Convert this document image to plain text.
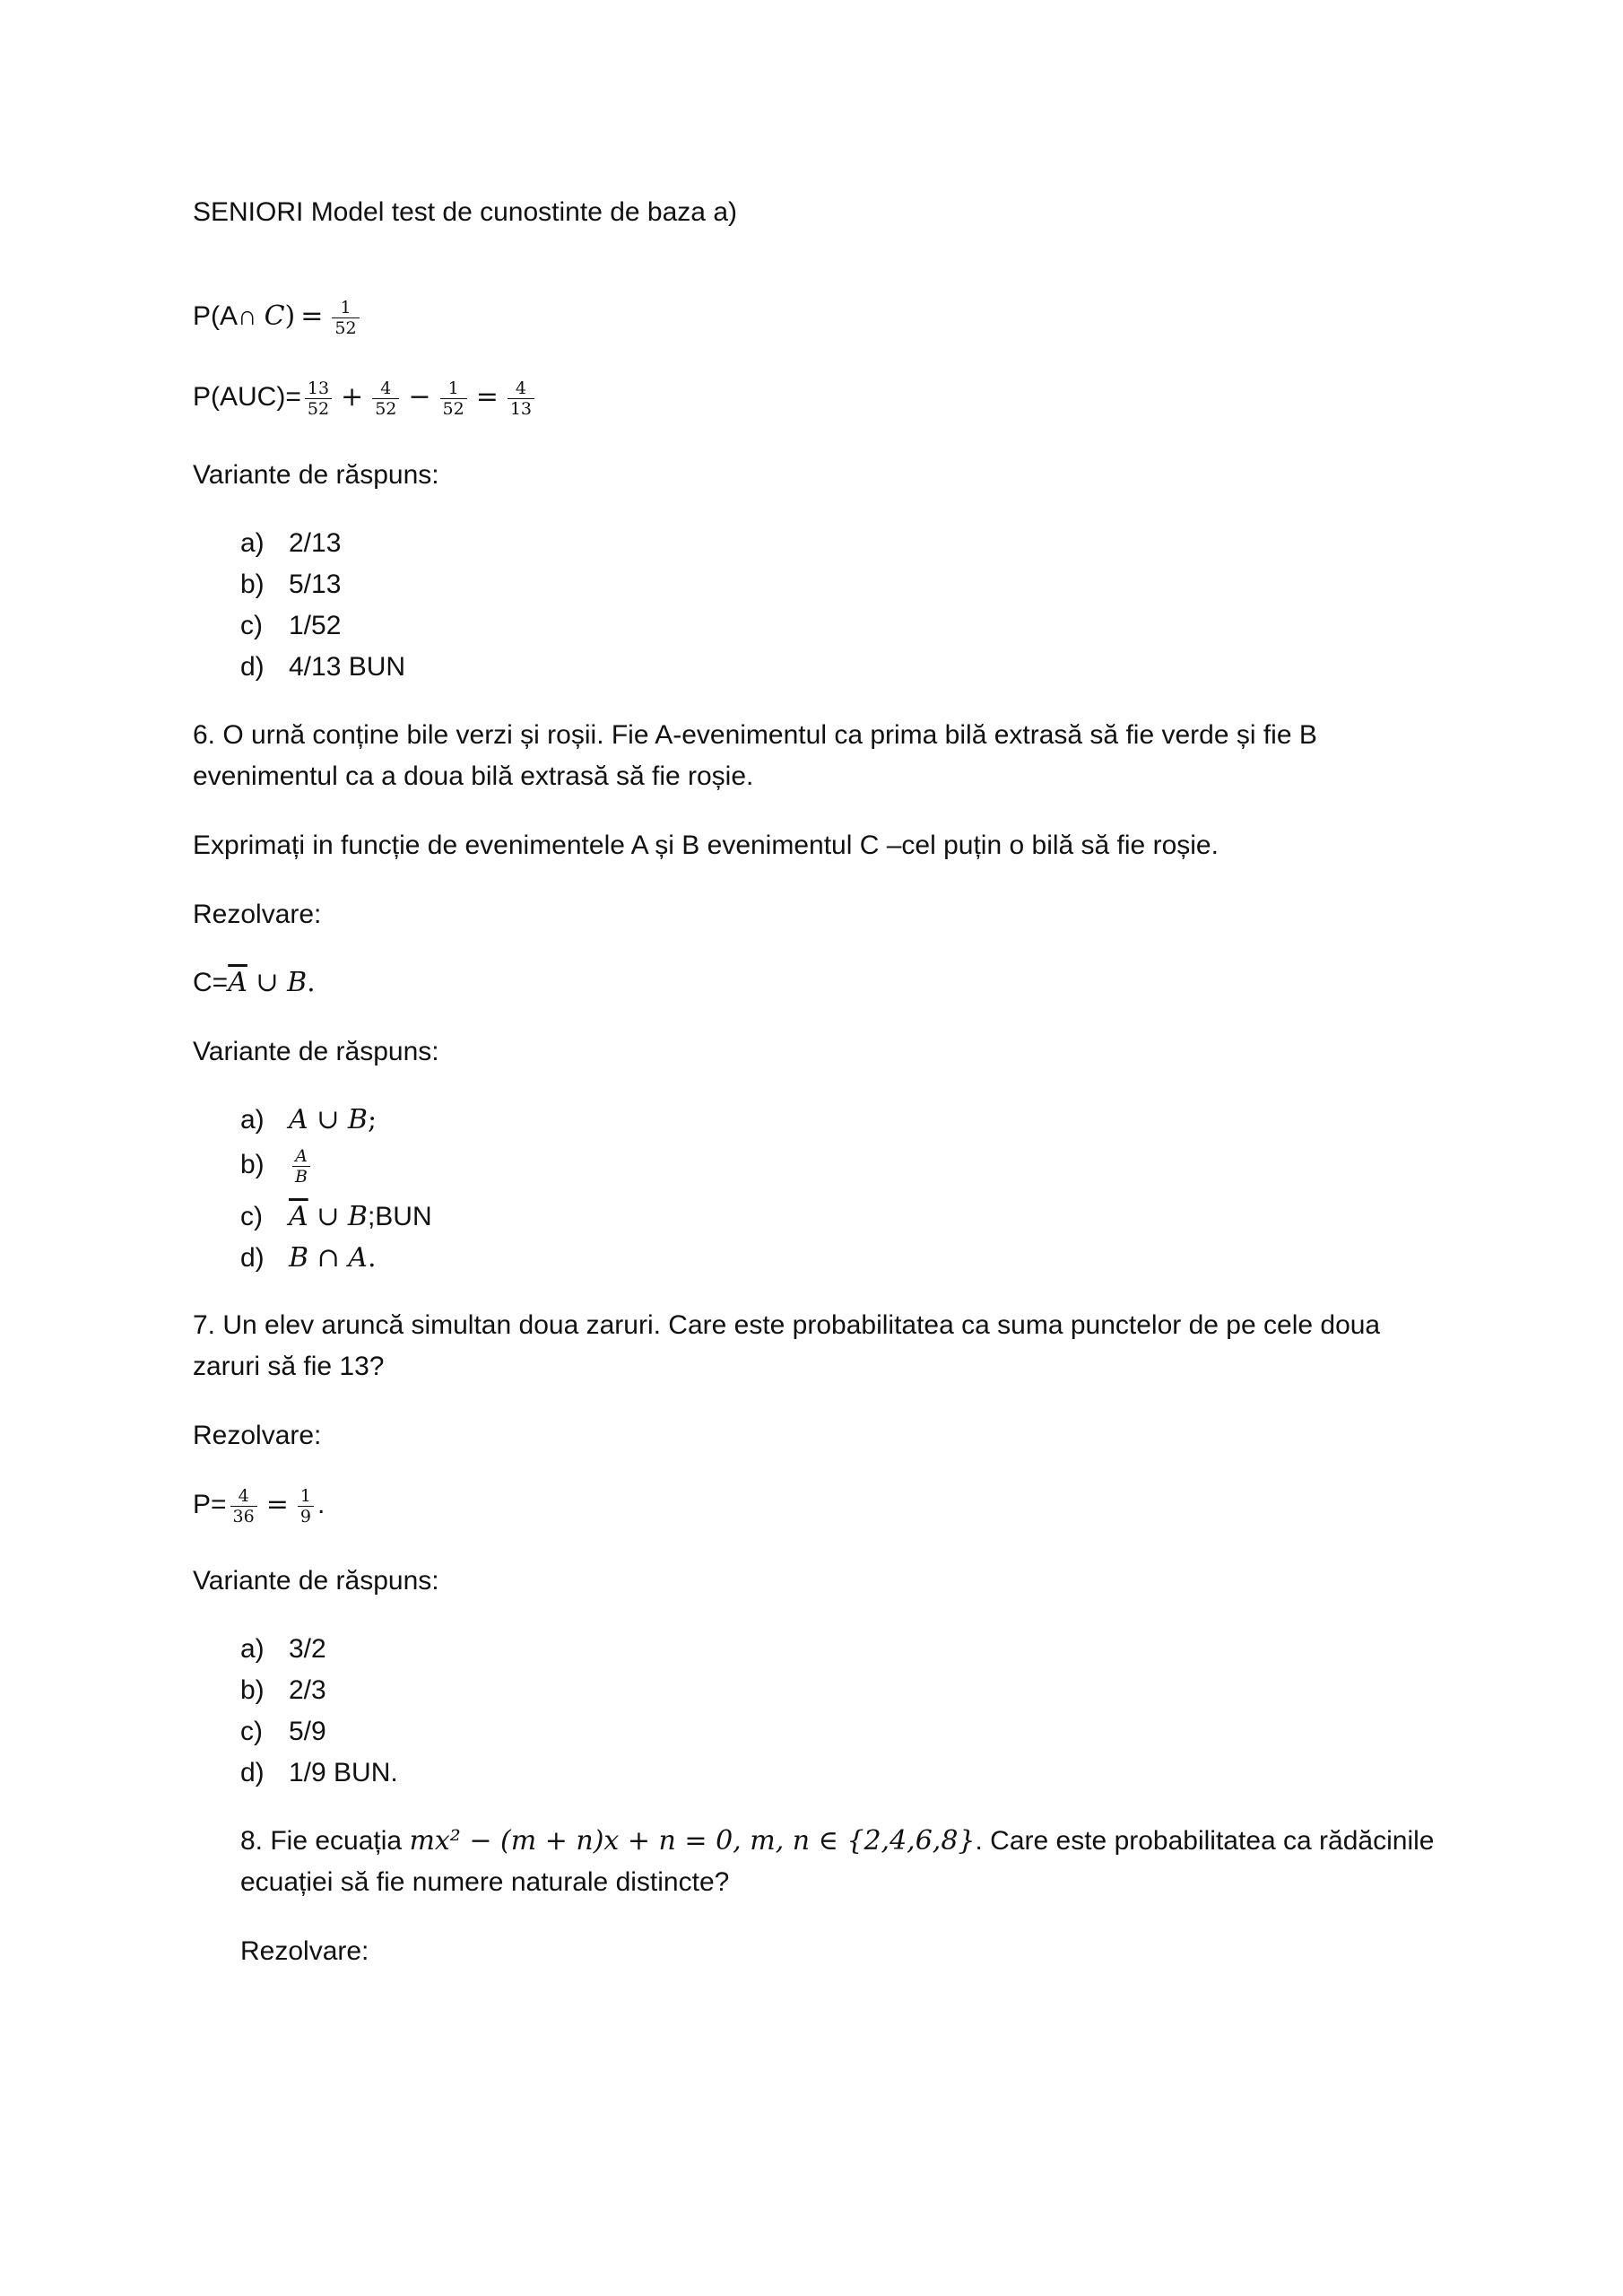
SENIORI Model test de cunostinte de baza a)
P(A∩ $C) = \frac{1}{52}$
$P(AUC)= \frac{13}{52} + \frac{4}{52} - \frac{1}{52} = \frac{4}{13}$
Variante de răspuns:
a) 2/13
b) 5/13
c) 1/52
d) 4/13 BUN
6. O urnă conține bile verzi și roșii. Fie A-evenimentul ca prima bilă extrasă să fie verde și fie B
evenimentul ca a doua bilă extrasă să fie roșie.
Exprimați in funcție de evenimentele A și B evenimentul C –cel puțin o bilă să fie roșie.
Rezolvare:
$C=\overline{A}$ ∪ B.
Variante de răspuns:
a) A ∪ B;
$b) \frac{A}{B}$
c) $\overline{A}$ ∪ B;BUN
d) B ∩ A.
7. Un elev aruncă simultan doua zaruri. Care este probabilitatea ca suma punctelor de pe cele doua
zaruri să fie 13?
Rezolvare:
$P= \frac{4}{36} = \frac{1}{9}$ .
Variante de răspuns:
a) 3/2
b) 2/3
c) 5/9
d) 1/9 BUN.
8. Fie ecuația mx² − (m + n)x + n = 0, m, n ∈ {2,4,6,8}. Care este probabilitatea ca rădăcinile
ecuației să fie numere naturale distincte?
Rezolvare:
